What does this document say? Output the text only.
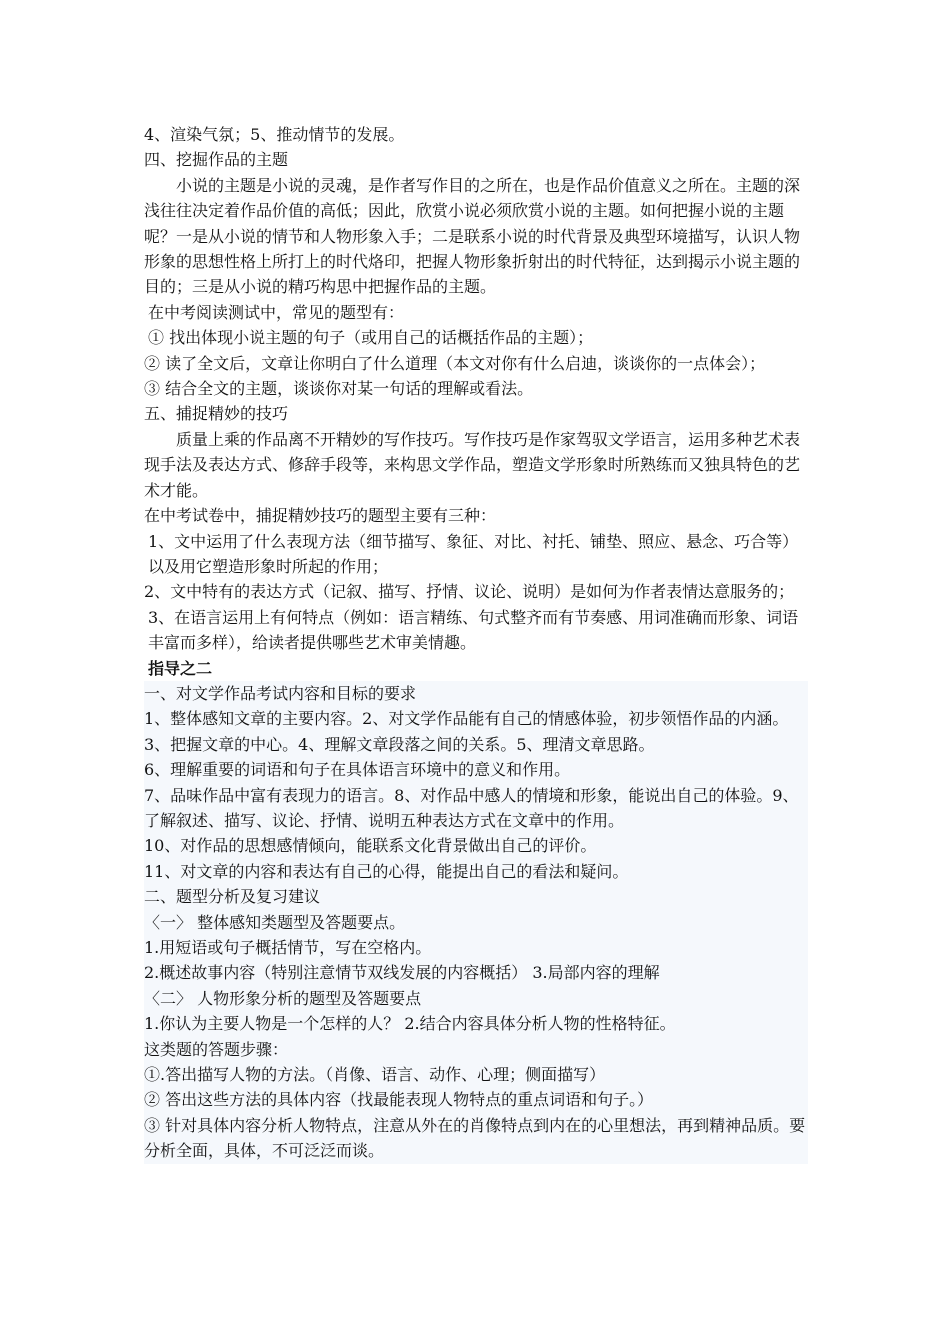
4、渲染气氛；5、推动情节的发展。

四、挖掘作品的主题

小说的主题是小说的灵魂，是作者写作目的之所在，也是作品价值意义之所在。主题的深浅往往决定着作品价值的高低；因此，欣赏小说必须欣赏小说的主题。如何把握小说的主题呢？一是从小说的情节和人物形象入手；二是联系小说的时代背景及典型环境描写，认识人物形象的思想性格上所打上的时代烙印，把握人物形象折射出的时代特征，达到揭示小说主题的目的；三是从小说的精巧构思中把握作品的主题。

在中考阅读测试中，常见的题型有：

① 找出体现小说主题的句子（或用自己的话概括作品的主题）；

② 读了全文后，文章让你明白了什么道理（本文对你有什么启迪，谈谈你的一点体会）；

③ 结合全文的主题，谈谈你对某一句话的理解或看法。

五、捕捉精妙的技巧

质量上乘的作品离不开精妙的写作技巧。写作技巧是作家驾驭文学语言，运用多种艺术表现手法及表达方式、修辞手段等，来构思文学作品，塑造文学形象时所熟练而又独具特色的艺术才能。

在中考试卷中，捕捉精妙技巧的题型主要有三种：

1、文中运用了什么表现方法（细节描写、象征、对比、衬托、铺垫、照应、悬念、巧合等）以及用它塑造形象时所起的作用；

2、文中特有的表达方式（记叙、描写、抒情、议论、说明）是如何为作者表情达意服务的；

3、在语言运用上有何特点（例如：语言精练、句式整齐而有节奏感、用词准确而形象、词语丰富而多样），给读者提供哪些艺术审美情趣。

指导之二

一、对文学作品考试内容和目标的要求

1、整体感知文章的主要内容。2、对文学作品能有自己的情感体验，初步领悟作品的内涵。3、把握文章的中心。4、理解文章段落之间的关系。5、理清文章思路。

6、理解重要的词语和句子在具体语言环境中的意义和作用。

7、品味作品中富有表现力的语言。8、对作品中感人的情境和形象，能说出自己的体验。9、了解叙述、描写、议论、抒情、说明五种表达方式在文章中的作用。

10、对作品的思想感情倾向，能联系文化背景做出自己的评价。

11、对文章的内容和表达有自己的心得，能提出自己的看法和疑问。

二、题型分析及复习建议

〈一〉 整体感知类题型及答题要点。

1.用短语或句子概括情节，写在空格内。

2.概述故事内容（特别注意情节双线发展的内容概括） 3.局部内容的理解

〈二〉 人物形象分析的题型及答题要点

1.你认为主要人物是一个怎样的人？ 2.结合内容具体分析人物的性格特征。

这类题的答题步骤：

①.答出描写人物的方法。（肖像、语言、动作、心理；侧面描写）

② 答出这些方法的具体内容（找最能表现人物特点的重点词语和句子。）

③ 针对具体内容分析人物特点，注意从外在的肖像特点到内在的心里想法，再到精神品质。要分析全面，具体，不可泛泛而谈。
